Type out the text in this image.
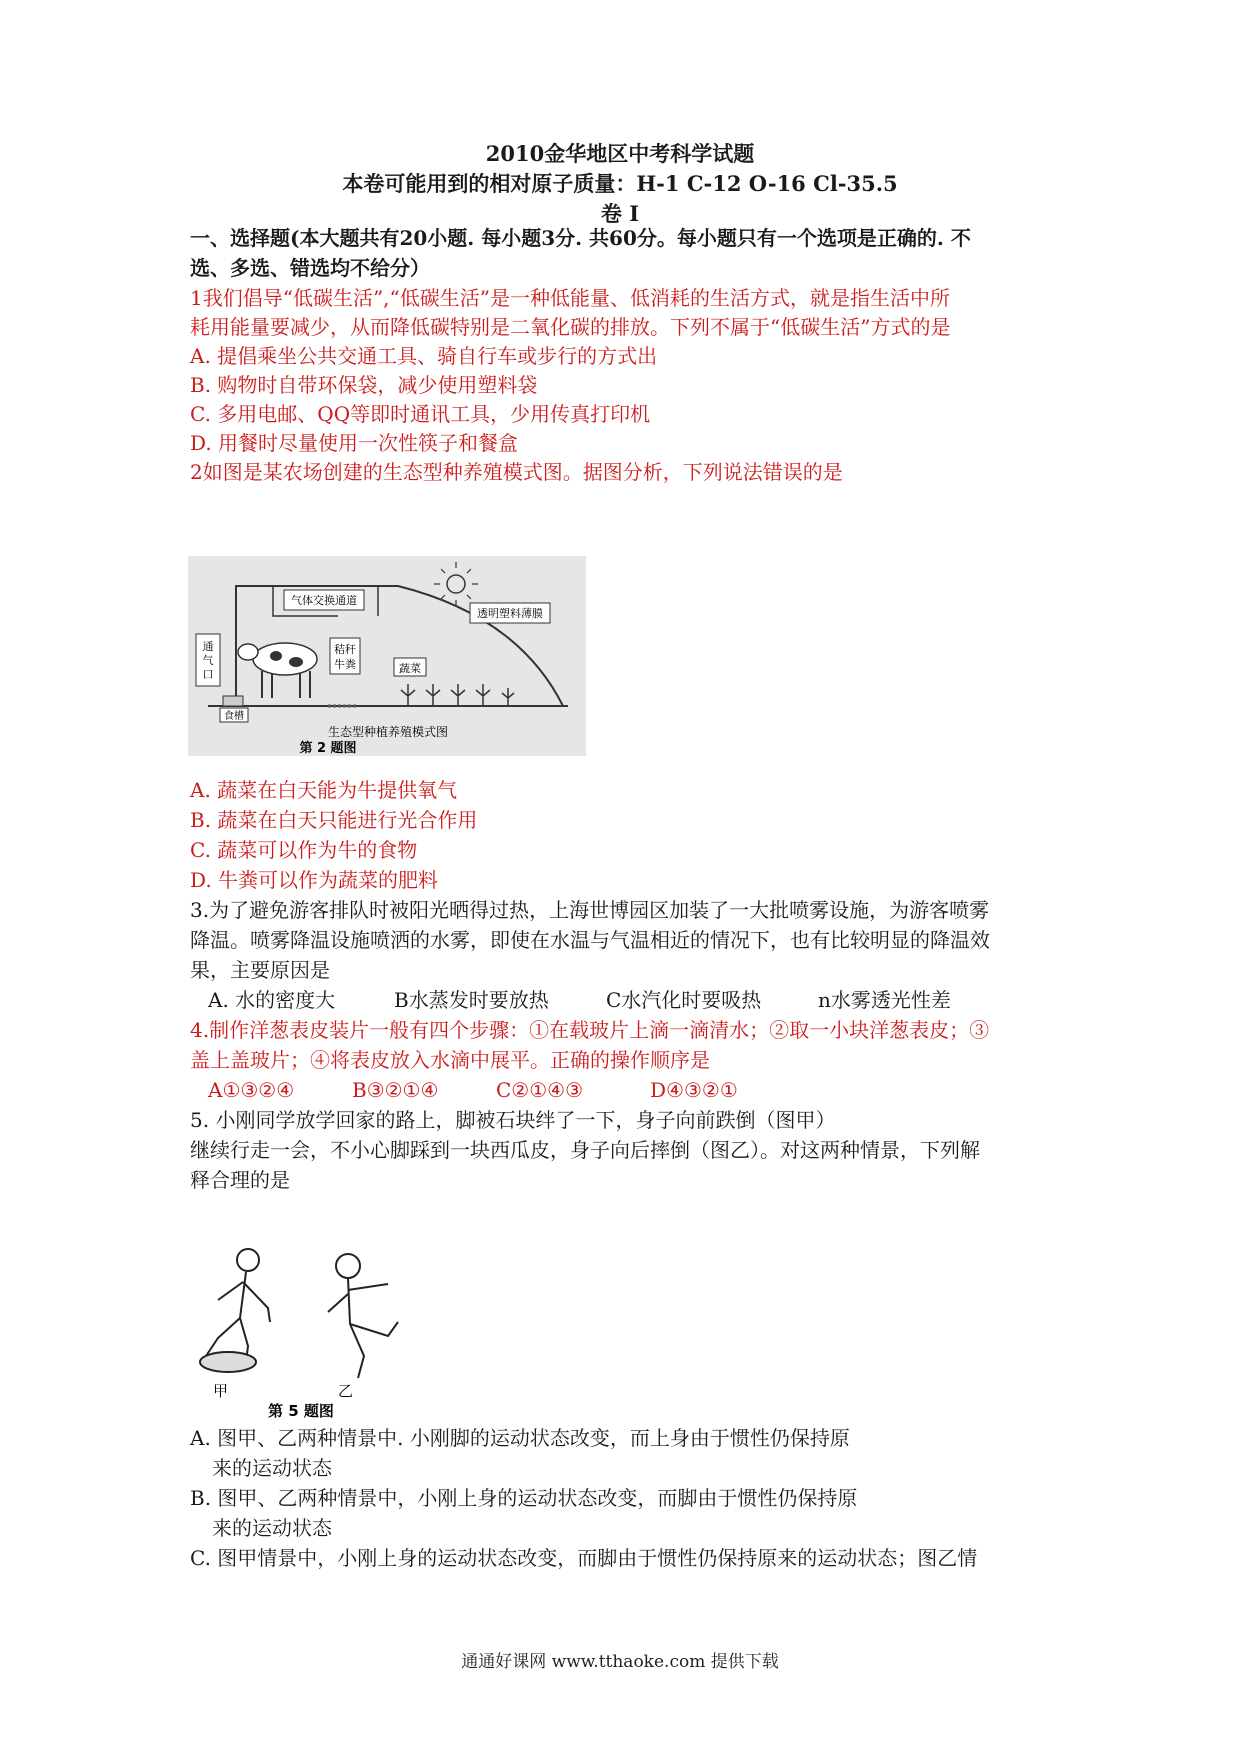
2010金华地区中考科学试题
本卷可能用到的相对原子质量：H-1 C-12 O-16 Cl-35.5
卷 I
一、选择题(本大题共有20小题. 每小题3分. 共60分。每小题只有一个选项是正确的. 不
选、多选、错选均不给分）
1我们倡导“低碳生活”,“低碳生活”是一种低能量、低消耗的生活方式，就是指生活中所
耗用能量要减少，从而降低碳特别是二氧化碳的排放。下列不属于“低碳生活”方式的是
A. 提倡乘坐公共交通工具、骑自行车或步行的方式出
B. 购物时自带环保袋，减少使用塑料袋
C. 多用电邮、QQ等即时通讯工具，少用传真打印机
D. 用餐时尽量使用一次性筷子和餐盒
2如图是某农场创建的生态型种养殖模式图。据图分析，下列说法错误的是
气体交换通道
透明塑料薄膜
通
气
口
食槽
秸秆
牛粪	蔬菜
生态型种植养殖模式图
第 2 题图
A. 蔬菜在白天能为牛提供氧气
B. 蔬菜在白天只能进行光合作用
C. 蔬菜可以作为牛的食物
D. 牛粪可以作为蔬菜的肥料
3.为了避免游客排队时被阳光晒得过热，上海世博园区加装了一大批喷雾设施，为游客喷雾
降温。喷雾降温设施喷洒的水雾，即使在水温与气温相近的情况下，也有比较明显的降温效
果，主要原因是
A. 水的密度大	B水蒸发时要放热	C水汽化时要吸热	n水雾透光性差
4.制作洋葱表皮装片一般有四个步骤：①在载玻片上滴一滴清水；②取一小块洋葱表皮；③
盖上盖玻片；④将表皮放入水滴中展平。正确的操作顺序是
A①③②④	B③②①④	C②①④③	D④③②①
5. 小刚同学放学回家的路上，脚被石块绊了一下，身子向前跌倒（图甲）
继续行走一会，不小心脚踩到一块西瓜皮，身子向后摔倒（图乙）。对这两种情景，下列解
释合理的是
甲	乙
第 5 题图
A. 图甲、乙两种情景中. 小刚脚的运动状态改变，而上身由于惯性仍保持原
来的运动状态
B. 图甲、乙两种情景中，小刚上身的运动状态改变，而脚由于惯性仍保持原
来的运动状态
C. 图甲情景中，小刚上身的运动状态改变，而脚由于惯性仍保持原来的运动状态；图乙情
通通好课网 www.tthaoke.com 提供下载
